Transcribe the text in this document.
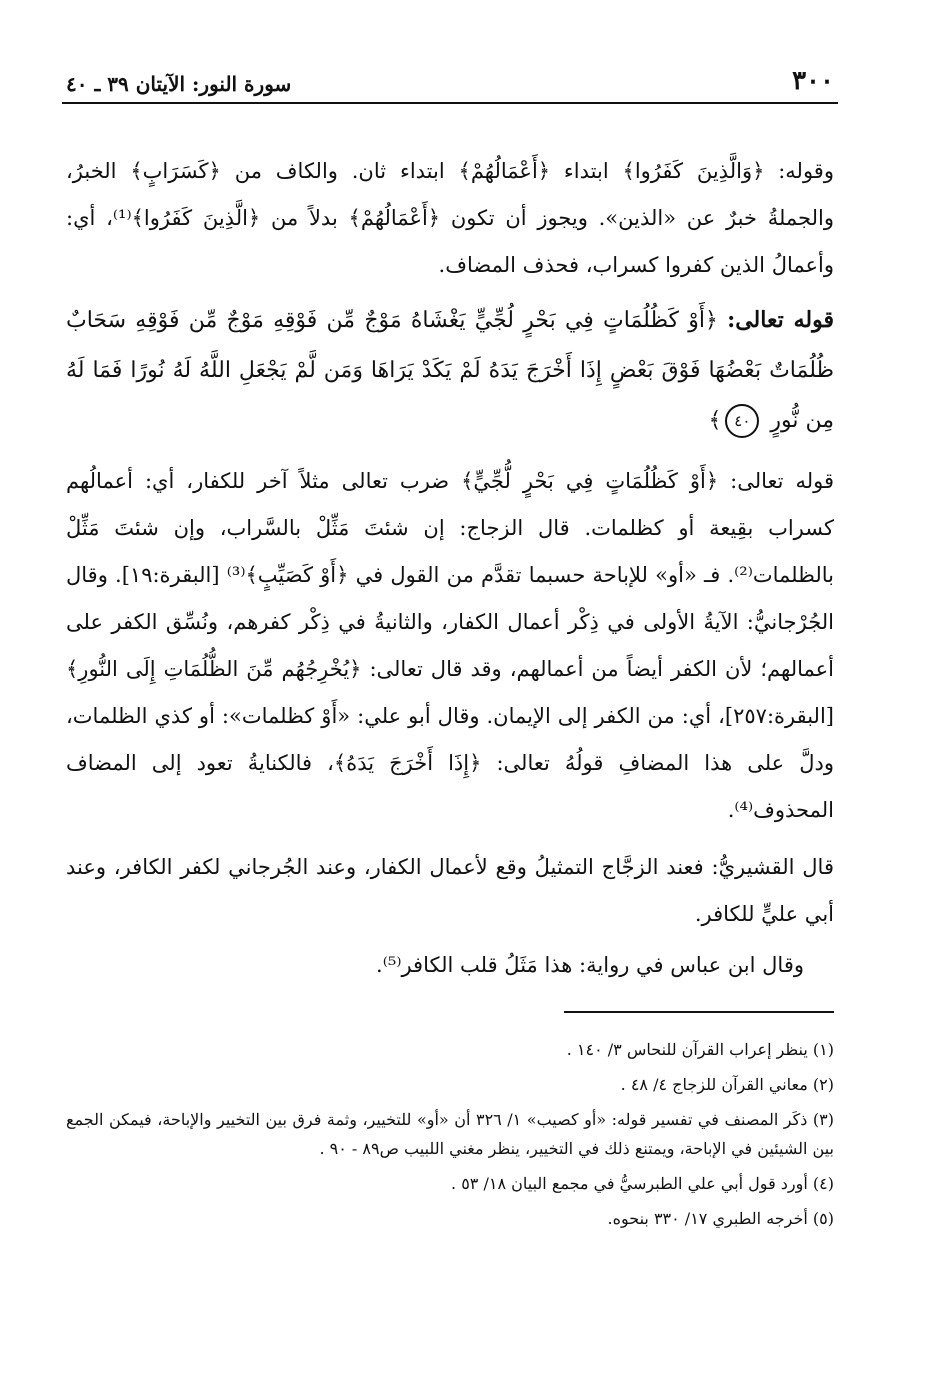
٣٠٠
سورة النور: الآيتان ٣٩ ـ ٤٠

وقوله: ﴿وَالَّذِينَ كَفَرُوا﴾ ابتداء ﴿أَعْمَالُهُمْ﴾ ابتداء ثان. والكاف من ﴿كَسَرَابٍ﴾ الخبرُ، والجملةُ خبرٌ عن «الذين». ويجوز أن تكون ﴿أَعْمَالُهُمْ﴾ بدلاً من ﴿الَّذِينَ كَفَرُوا﴾⁽¹⁾، أي: وأعمالُ الذين كفروا كسراب، فحذف المضاف.

قوله تعالى: ﴿أَوْ كَظُلُمَاتٍ فِي بَحْرٍ لُجِّيٍّ يَغْشَاهُ مَوْجٌ مِّن فَوْقِهِ مَوْجٌ مِّن فَوْقِهِ سَحَابٌ ظُلُمَاتٌ بَعْضُهَا فَوْقَ بَعْضٍ إِذَا أَخْرَجَ يَدَهُ لَمْ يَكَدْ يَرَاهَا وَمَن لَّمْ يَجْعَلِ اللَّهُ لَهُ نُورًا فَمَا لَهُ مِن نُّورٍ ٤٠﴾

قوله تعالى: ﴿أَوْ كَظُلُمَاتٍ فِي بَحْرٍ لُّجِّيٍّ﴾ ضرب تعالى مثلاً آخر للكفار، أي: أعمالُهم كسراب بقِيعة أو كظلمات. قال الزجاج: إن شئتَ مَثِّلْ بالسَّراب، وإن شئتَ مَثِّلْ بالظلمات⁽²⁾. فـ «أو» للإباحة حسبما تقدَّم من القول في ﴿أَوْ كَصَيِّبٍ﴾⁽³⁾ [البقرة:١٩]. وقال الجُرْجانيُّ: الآيةُ الأولى في ذِكْر أعمال الكفار، والثانيةُ في ذِكْر كفرهم، ونُسِّق الكفر على أعمالهم؛ لأن الكفر أيضاً من أعمالهم، وقد قال تعالى: ﴿يُخْرِجُهُم مِّنَ الظُّلُمَاتِ إِلَى النُّورِ﴾ [البقرة:٢٥٧]، أي: من الكفر إلى الإيمان. وقال أبو علي: «أَوْ كظلمات»: أو كذي الظلمات، ودلَّ على هذا المضافِ قولُهُ تعالى: ﴿إِذَا أَخْرَجَ يَدَهُ﴾، فالكنايةُ تعود إلى المضاف المحذوف⁽⁴⁾.

قال القشيريُّ: فعند الزجَّاج التمثيلُ وقع لأعمال الكفار، وعند الجُرجاني لكفر الكافر، وعند أبي عليٍّ للكافر.

وقال ابن عباس في رواية: هذا مَثَلُ قلب الكافر⁽⁵⁾.

(١) ينظر إعراب القرآن للنحاس ٣/ ١٤٠ .

(٢) معاني القرآن للزجاج ٤/ ٤٨ .

(٣) ذكَر المصنف في تفسير قوله: «أو كصيب» ١/ ٣٢٦ أن «أو» للتخيير، وثمة فرق بين التخيير والإباحة، فيمكن الجمع بين الشيئين في الإباحة، ويمتنع ذلك في التخيير، ينظر مغني اللبيب ص٨٩ - ٩٠ .

(٤) أورد قول أبي علي الطبرسيُّ في مجمع البيان ١٨/ ٥٣ .

(٥) أخرجه الطبري ١٧/ ٣٣٠ بنحوه.
